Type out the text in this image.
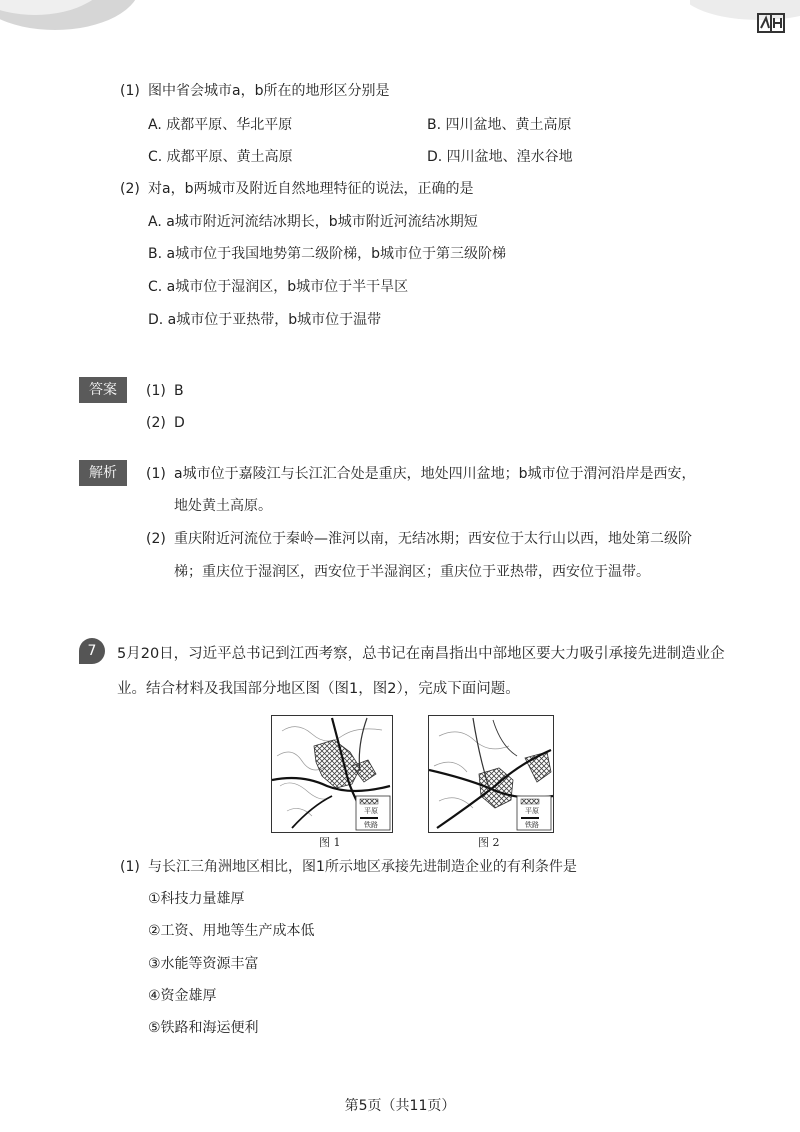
(1) 图中省会城市a，b所在的地形区分别是
A. 成都平原、华北平原	B. 四川盆地、黄土高原
C. 成都平原、黄土高原	D. 四川盆地、湟水谷地
(2) 对a，b两城市及附近自然地理特征的说法，正确的是
A. a城市附近河流结冰期长，b城市附近河流结冰期短
B. a城市位于我国地势第二级阶梯，b城市位于第三级阶梯
C. a城市位于湿润区，b城市位于半干旱区
D. a城市位于亚热带，b城市位于温带
答案	(1) B
(2) D
解析	(1) a城市位于嘉陵江与长江汇合处是重庆，地处四川盆地；b城市位于渭河沿岸是西安，
地处黄土高原。
(2) 重庆附近河流位于秦岭—淮河以南，无结冰期；西安位于太行山以西，地处第二级阶
梯；重庆位于湿润区，西安位于半湿润区；重庆位于亚热带，西安位于温带。
7	5月20日，习近平总书记到江西考察，总书记在南昌指出中部地区要大力吸引承接先进制造业企
业。结合材料及我国部分地区图（图1，图2），完成下面问题。
平原
铁路
图 1
平原
铁路
图 2
(1) 与长江三角洲地区相比，图1所示地区承接先进制造企业的有利条件是
①科技力量雄厚
②工资、用地等生产成本低
③水能等资源丰富
④资金雄厚
⑤铁路和海运便利
第5页（共11页）
